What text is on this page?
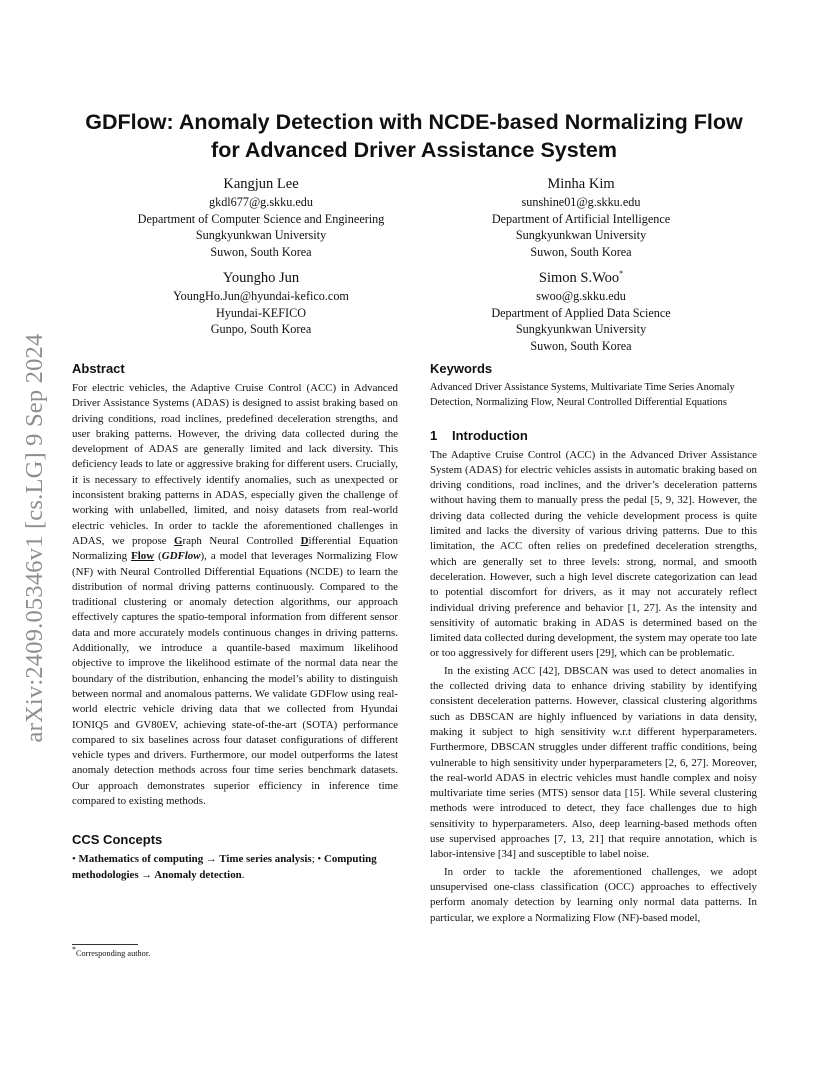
GDFlow: Anomaly Detection with NCDE-based Normalizing Flow
for Advanced Driver Assistance System
Kangjun Lee
gkdl677@g.skku.edu
Department of Computer Science and Engineering
Sungkyunkwan University
Suwon, South Korea
Minha Kim
sunshine01@g.skku.edu
Department of Artificial Intelligence
Sungkyunkwan University
Suwon, South Korea
Youngho Jun
YoungHo.Jun@hyundai-kefico.com
Hyundai-KEFICO
Gunpo, South Korea
Simon S.Woo*
swoo@g.skku.edu
Department of Applied Data Science
Sungkyunkwan University
Suwon, South Korea
arXiv:2409.05346v1 [cs.LG] 9 Sep 2024	Abstract

For electric vehicles, the Adaptive Cruise Control (ACC) in Advanced Driver Assistance Systems (ADAS) is designed to assist braking based on driving conditions, road inclines, predefined deceleration strengths, and user braking patterns. However, the driving data collected during the development of ADAS are generally limited and lack diversity. This deficiency leads to late or aggressive braking for different users. Crucially, it is necessary to effectively identify anomalies, such as unexpected or inconsistent braking patterns in ADAS, especially given the challenge of working with unlabelled, limited, and noisy datasets from real-world electric vehicles. In order to tackle the aforementioned challenges in ADAS, we propose Graph Neural Controlled Differential Equation Normalizing Flow (GDFlow), a model that leverages Normalizing Flow (NF) with Neural Controlled Differential Equations (NCDE) to learn the distribution of normal driving patterns continuously. Compared to the traditional clustering or anomaly detection algorithms, our approach effectively captures the spatio-temporal information from different sensor data and more accurately models continuous changes in driving patterns. Additionally, we introduce a quantile-based maximum likelihood objective to improve the likelihood estimate of the normal data near the boundary of the distribution, enhancing the model’s ability to distinguish between normal and anomalous patterns. We validate GDFlow using real-world electric vehicle driving data that we collected from Hyundai IONIQ5 and GV80EV, achieving state-of-the-art (SOTA) performance compared to six baselines across four dataset configurations of different vehicle types and drivers. Furthermore, our model outperforms the latest anomaly detection methods across four time series benchmark datasets. Our approach demonstrates superior efficiency in inference time compared to existing methods.

CCS Concepts

• Mathematics of computing → Time series analysis; • Computing methodologies → Anomaly detection.

*Corresponding author.
Keywords

Advanced Driver Assistance Systems, Multivariate Time Series Anomaly Detection, Normalizing Flow, Neural Controlled Differential Equations

1 Introduction

The Adaptive Cruise Control (ACC) in the Advanced Driver Assistance System (ADAS) for electric vehicles assists in automatic braking based on driving conditions, road inclines, and the driver’s deceleration patterns without having them to manually press the pedal [5, 9, 32]. However, the driving data collected during the vehicle development process is quite limited and lacks the diversity of various driving patterns. Due to this limitation, the ACC often relies on predefined deceleration strengths, which are generally set to three levels: strong, normal, and smooth deceleration. However, such a high level discrete categorization can lead to potential discomfort for drivers, as it may not accurately reflect individual driving preference and behavior [1, 27]. As the intensity and sensitivity of automatic braking in ADAS is determined based on the limited data collected during development, the system may operate too late or too aggressively for different users [29], which can be problematic.

In the existing ACC [42], DBSCAN was used to detect anomalies in the collected driving data to enhance driving stability by identifying consistent deceleration patterns. However, classical clustering algorithms such as DBSCAN are highly influenced by variations in data density, making it subject to high sensitivity w.r.t different hyperparameters. Furthermore, DBSCAN struggles under different traffic conditions, being vulnerable to high sensitivity under hyperparameters [2, 6, 27]. Moreover, the real-world ADAS in electric vehicles must handle complex and noisy multivariate time series (MTS) sensor data [15]. While several clustering methods were introduced to detect, they face challenges due to high sensitivity to hyperparameters. Also, deep learning-based methods often use supervised approaches [7, 13, 21] that require annotation, which is labor-intensive [34] and susceptible to label noise.

In order to tackle the aforementioned challenges, we adopt unsupervised one-class classification (OCC) approaches to effectively perform anomaly detection by learning only normal data patterns. In particular, we explore a Normalizing Flow (NF)-based model,
